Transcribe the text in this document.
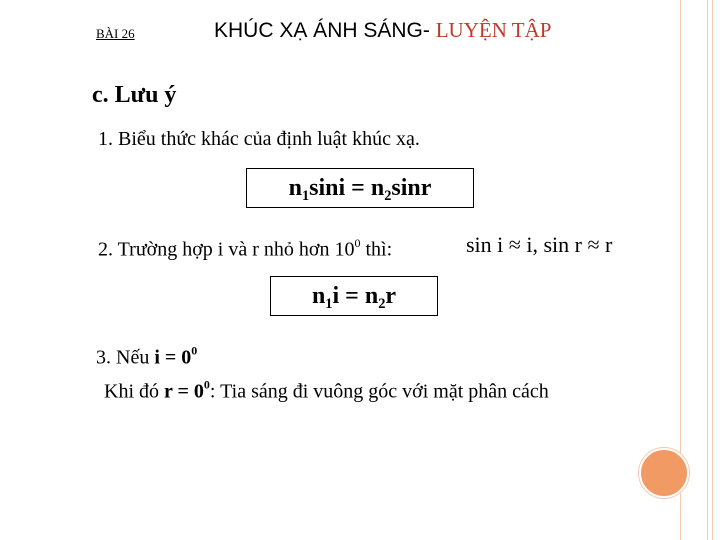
BÀI 26	KHÚC XẠ ÁNH SÁNG- LUYỆN TẬP
c. Lưu ý
1. Biểu thức khác của định luật khúc xạ.
$n_1\sin i = n_2\sin r$
2. Trường hợp i và r nhỏ hơn $10^0$ thì:	sin i ≈ i, sin r ≈ r
$n_1i = n_2r$
3. Nếu $i = 0^0$
Khi đó $r = 0^0$: Tia sáng đi vuông góc với mặt phân cách
